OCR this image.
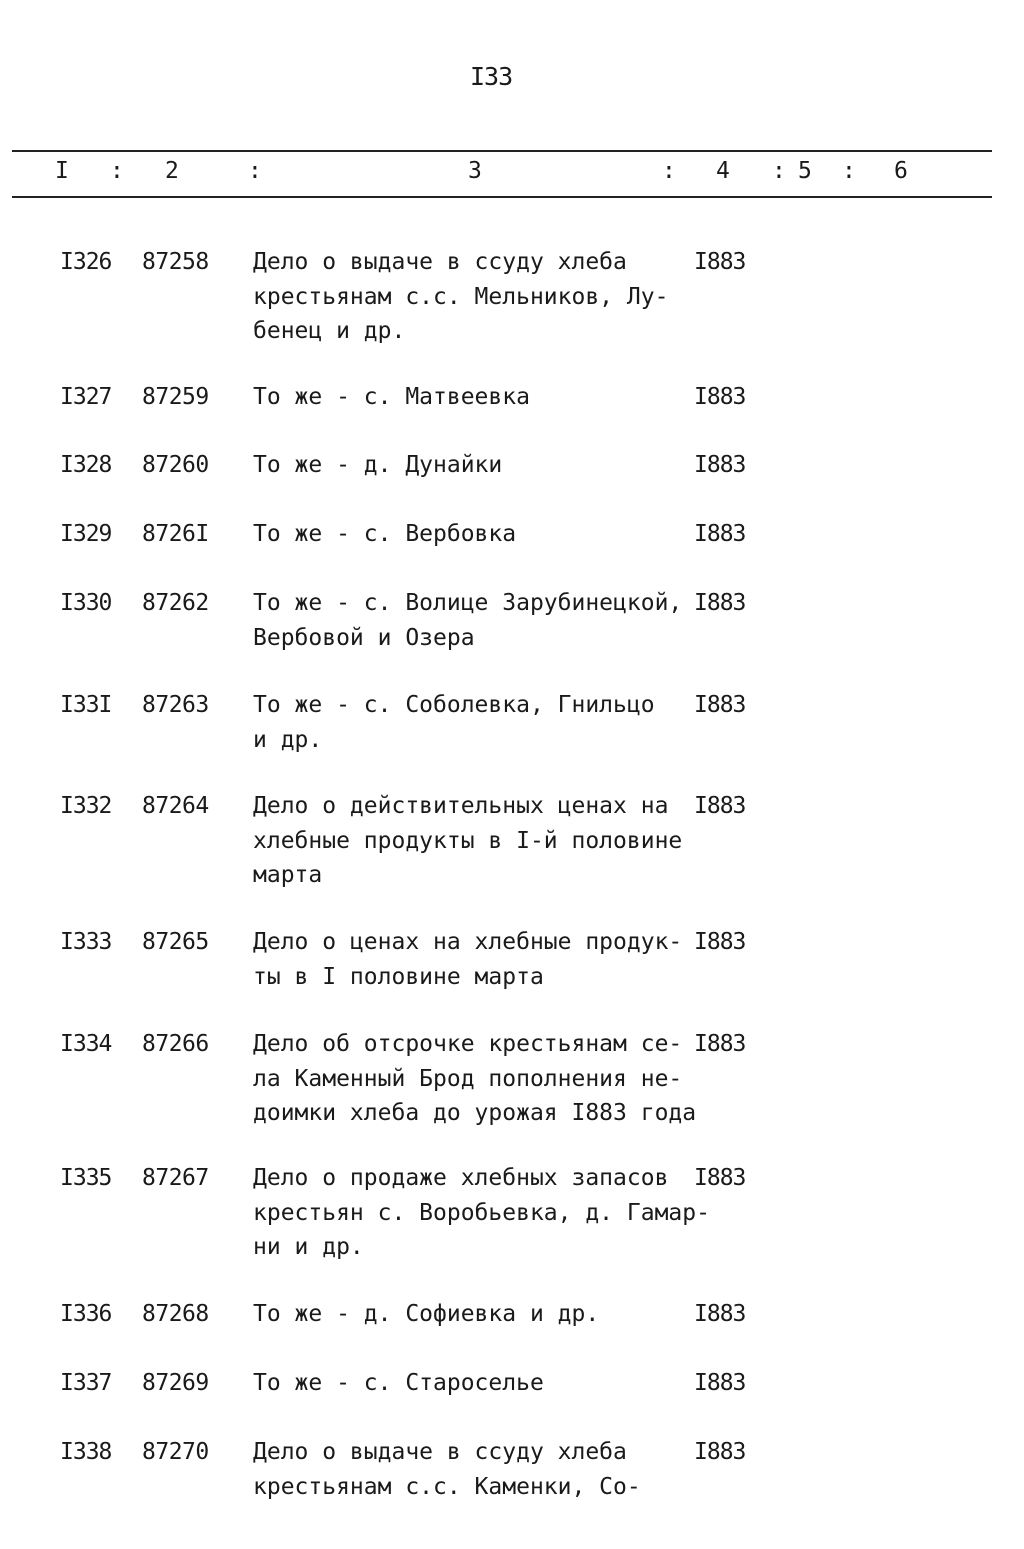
I33
I : 2	:	3	: 4 : 5 : 6
I326 87258 Дело о выдаче в ссуду хлеба
крестьянам с.с. Мельников, Лу-
бенец и др.
I883
I327 87259 То же - с. Матвеевка	I883
I328 87260 То же - д. Дунайки	I883
I329 8726I То же - с. Вербовка	I883
I330 87262 То же - с. Волице Зарубинецкой,
Вербовой и Озера
I883
I33I 87263 То же - с. Соболевка, Гнильцо
и др.
I883
I332 87264 Дело о действительных ценах на
хлебные продукты в I-й половине
марта
I883
I333 87265 Дело о ценах на хлебные продук-
ты в I половине марта
I883
I334 87266 Дело об отсрочке крестьянам се-
ла Каменный Брод пополнения не-
доимки хлеба до урожая I883 года
I883
I335 87267 Дело о продаже хлебных запасов
крестьян с. Воробьевка, д. Гамар-
ни и др.
I883
I336 87268 То же - д. Софиевка и др.	I883
I337 87269 То же - с. Староселье	I883
I338 87270 Дело о выдаче в ссуду хлеба
крестьянам с.с. Каменки, Со-
I883
